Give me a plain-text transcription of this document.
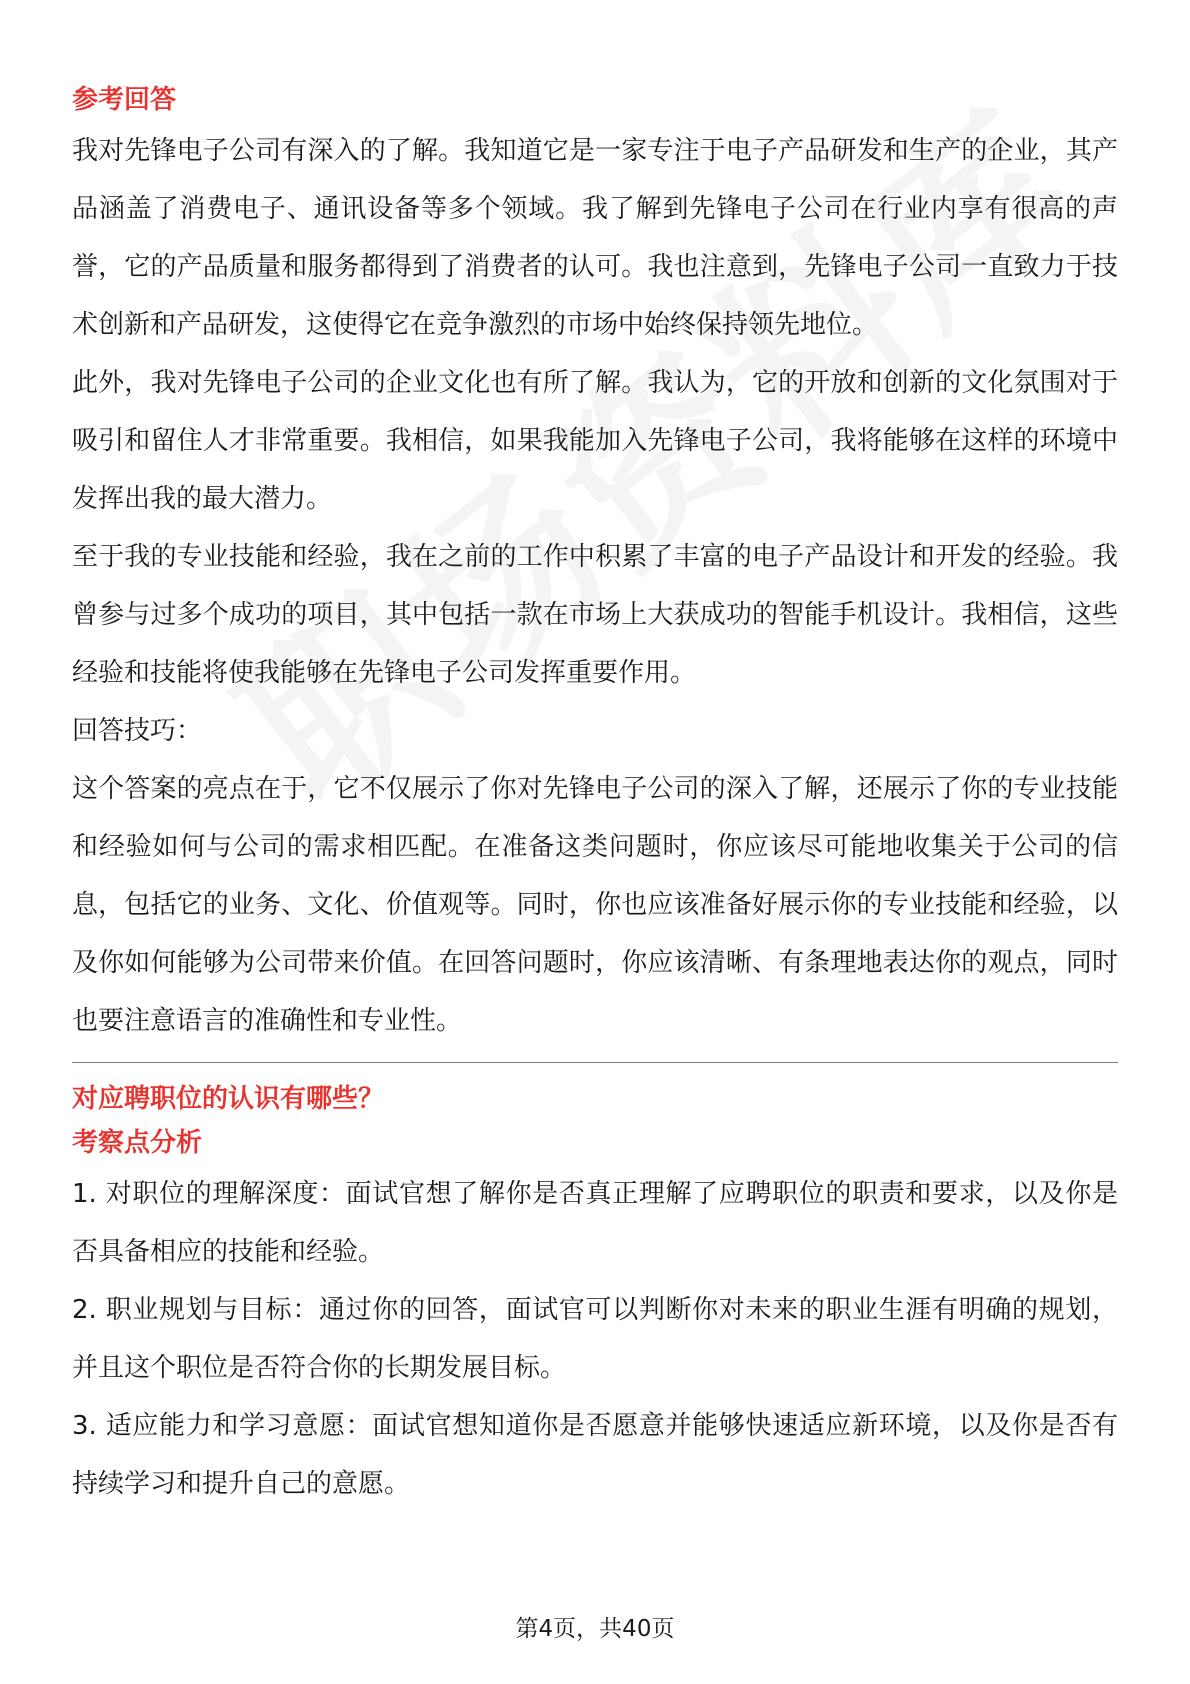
参考回答

我对先锋电子公司有深入的了解。我知道它是一家专注于电子产品研发和生产的企业，其产品涵盖了消费电子、通讯设备等多个领域。我了解到先锋电子公司在行业内享有很高的声誉，它的产品质量和服务都得到了消费者的认可。我也注意到，先锋电子公司一直致力于技术创新和产品研发，这使得它在竞争激烈的市场中始终保持领先地位。

此外，我对先锋电子公司的企业文化也有所了解。我认为，它的开放和创新的文化氛围对于吸引和留住人才非常重要。我相信，如果我能加入先锋电子公司，我将能够在这样的环境中发挥出我的最大潜力。

至于我的专业技能和经验，我在之前的工作中积累了丰富的电子产品设计和开发的经验。我曾参与过多个成功的项目，其中包括一款在市场上大获成功的智能手机设计。我相信，这些经验和技能将使我能够在先锋电子公司发挥重要作用。

回答技巧：

这个答案的亮点在于，它不仅展示了你对先锋电子公司的深入了解，还展示了你的专业技能和经验如何与公司的需求相匹配。在准备这类问题时，你应该尽可能地收集关于公司的信息，包括它的业务、文化、价值观等。同时，你也应该准备好展示你的专业技能和经验，以及你如何能够为公司带来价值。在回答问题时，你应该清晰、有条理地表达你的观点，同时也要注意语言的准确性和专业性。

对应聘职位的认识有哪些？
考察点分析

1. 对职位的理解深度：面试官想了解你是否真正理解了应聘职位的职责和要求，以及你是否具备相应的技能和经验。

2. 职业规划与目标：通过你的回答，面试官可以判断你对未来的职业生涯有明确的规划，并且这个职位是否符合你的长期发展目标。

3. 适应能力和学习意愿：面试官想知道你是否愿意并能够快速适应新环境，以及你是否有持续学习和提升自己的意愿。

第4页，共40页
